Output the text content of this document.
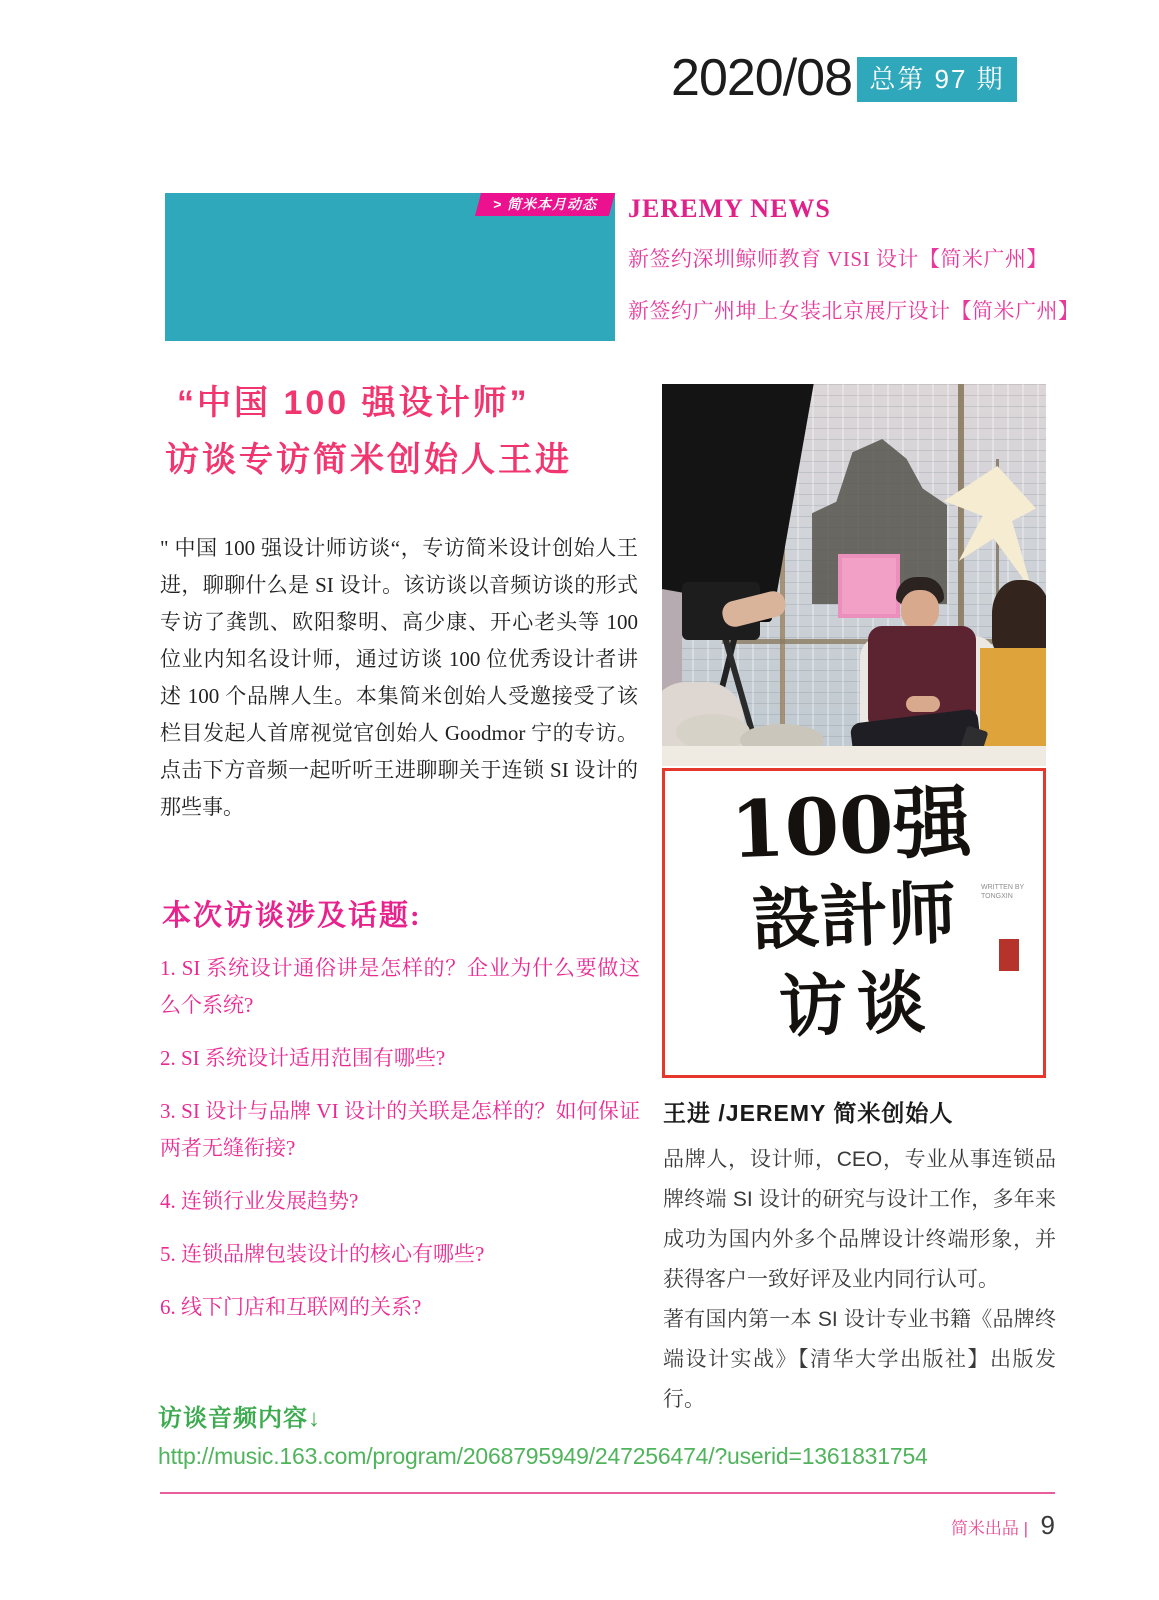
2020/08 总第 97 期
> 简米本月动态	JEREMY NEWS
新签约深圳鲸师教育 VISI 设计【简米广州】
新签约广州坤上女装北京展厅设计【简米广州】
“中国 100 强设计师”
访谈专访简米创始人王进
" 中国 100 强设计师访谈“，专访简米设计创始人王进，聊聊什么是 SI 设计。该访谈以音频访谈的形式专访了龚凯、欧阳黎明、高少康、开心老头等 100 位业内知名设计师，通过访谈 100 位优秀设计者讲述 100 个品牌人生。本集简米创始人受邀接受了该栏目发起人首席视觉官创始人 Goodmor 宁的专访。点击下方音频一起听听王进聊聊关于连锁 SI 设计的那些事。
本次访谈涉及话题:
1. SI 系统设计通俗讲是怎样的？企业为什么要做这么个系统?
2. SI 系统设计适用范围有哪些?
3. SI 设计与品牌 VI 设计的关联是怎样的？如何保证两者无缝衔接?
4. 连锁行业发展趋势?
5. 连锁品牌包装设计的核心有哪些?
6. 线下门店和互联网的关系?
100强
設計师
访谈
WRITTEN BY TONGXIN
王进 /JEREMY 简米创始人
品牌人，设计师，CEO，专业从事连锁品牌终端 SI 设计的研究与设计工作，多年来成功为国内外多个品牌设计终端形象，并获得客户一致好评及业内同行认可。
著有国内第一本 SI 设计专业书籍《品牌终端设计实战》【清华大学出版社】出版发行。
访谈音频内容↓
http://music.163.com/program/2068795949/247256474/?userid=1361831754
简米出品 | 9
